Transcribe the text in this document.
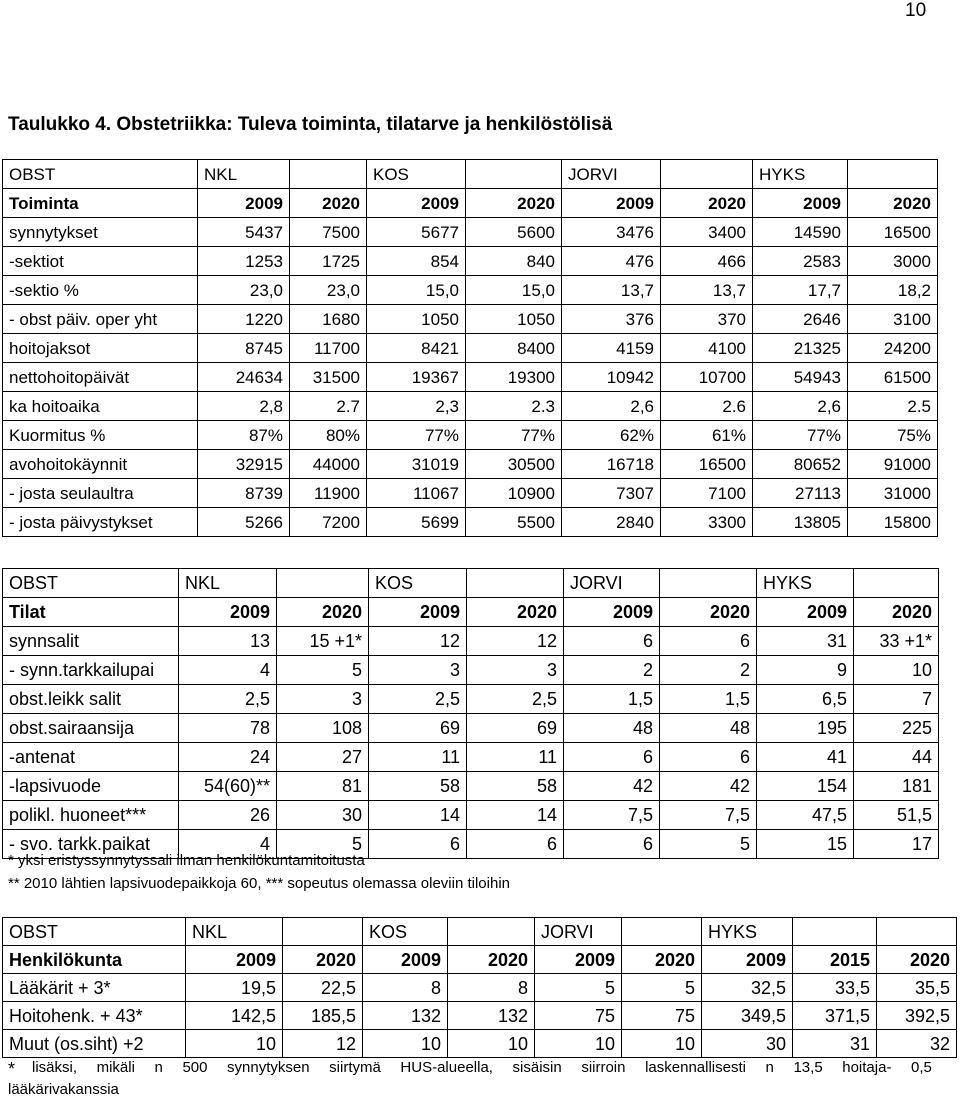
10
Taulukko 4. Obstetriikka: Tuleva toiminta, tilatarve ja henkilöstölisä
OBST	NKL		KOS		JORVI		HYKS	
Toiminta	2009	2020	2009	2020	2009	2020	2009	2020
synnytykset	5437	7500	5677	5600	3476	3400	14590	16500
-sektiot	1253	1725	854	840	476	466	2583	3000
-sektio %	23,0	23,0	15,0	15,0	13,7	13,7	17,7	18,2
- obst päiv. oper yht	1220	1680	1050	1050	376	370	2646	3100
hoitojaksot	8745	11700	8421	8400	4159	4100	21325	24200
nettohoitopäivät	24634	31500	19367	19300	10942	10700	54943	61500
ka hoitoaika	2,8	2.7	2,3	2.3	2,6	2.6	2,6	2.5
Kuormitus %	87%	80%	77%	77%	62%	61%	77%	75%
avohoitokäynnit	32915	44000	31019	30500	16718	16500	80652	91000
- josta seulaultra	8739	11900	11067	10900	7307	7100	27113	31000
- josta päivystykset	5266	7200	5699	5500	2840	3300	13805	15800
OBST	NKL		KOS		JORVI		HYKS	
Tilat	2009	2020	2009	2020	2009	2020	2009	2020
synnsalit	13	15 +1*	12	12	6	6	31	33 +1*
- synn.tarkkailupai	4	5	3	3	2	2	9	10
obst.leikk salit	2,5	3	2,5	2,5	1,5	1,5	6,5	7
obst.sairaansija	78	108	69	69	48	48	195	225
-antenat	24	27	11	11	6	6	41	44
-lapsivuode	54(60)**	81	58	58	42	42	154	181
polikl. huoneet***	26	30	14	14	7,5	7,5	47,5	51,5
- svo. tarkk.paikat	4	5	6	6	6	5	15	17

* yksi eristyssynnytyssali ilman henkilökuntamitoitusta

** 2010 lähtien lapsivuodepaikkoja 60, *** sopeutus olemassa oleviin tiloihin

OBST	NKL		KOS		JORVI		HYKS		
Henkilökunta	2009	2020	2009	2020	2009	2020	2009	2015	2020
Lääkärit + 3*	19,5	22,5	8	8	5	5	32,5	33,5	35,5
Hoitohenk. + 43*	142,5	185,5	132	132	75	75	349,5	371,5	392,5
Muut (os.siht) +2	10	12	10	10	10	10	30	31	32
* lisäksi, mikäli n 500 synnytyksen siirtymä HUS-alueella, sisäisin siirroin laskennallisesti n 13,5 hoitaja- 0,5
lääkärivakanssia
